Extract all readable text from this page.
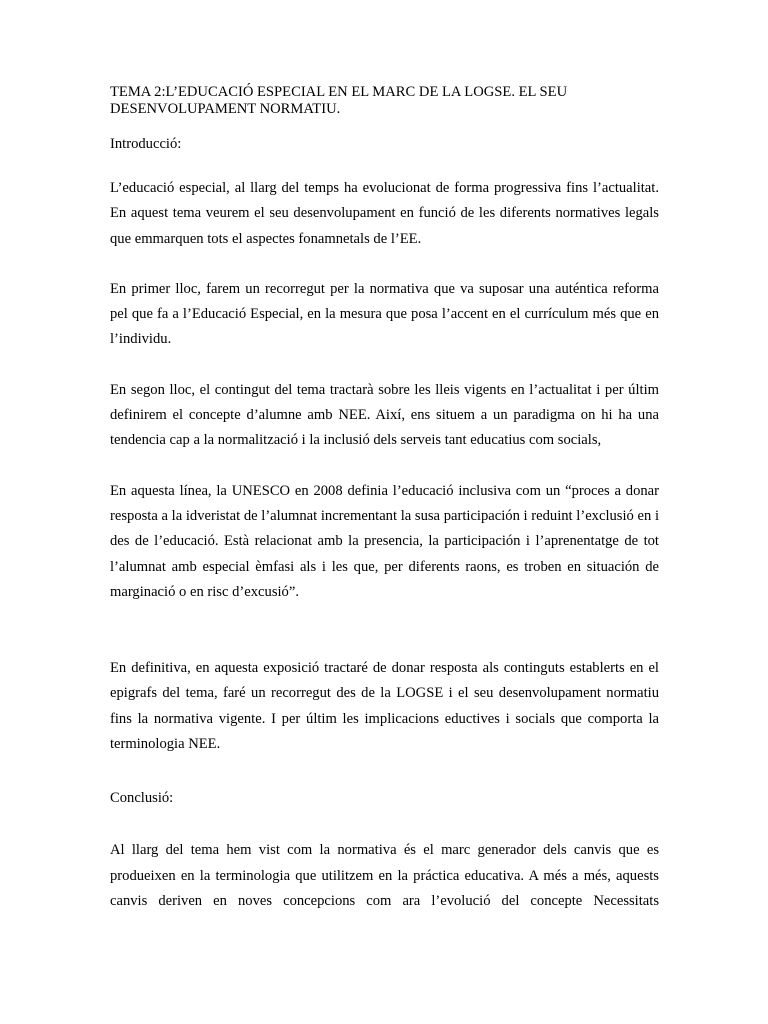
TEMA 2:L’EDUCACIÓ ESPECIAL EN EL MARC DE LA LOGSE. EL SEU DESENVOLUPAMENT NORMATIU.

Introducció:

L’educació especial, al llarg del temps ha evolucionat de forma progressiva fins l’actualitat. En aquest tema veurem el seu desenvolupament en funció de les diferents normatives legals que emmarquen tots el aspectes fonamnetals de l’EE.

En primer lloc, farem un recorregut per la normativa que va suposar una auténtica reforma pel que fa a l’Educació Especial, en la mesura que posa l’accent en el currículum més que en l’individu.

En segon lloc, el contingut del tema tractarà sobre les lleis vigents en l’actualitat i per últim definirem el concepte d’alumne amb NEE. Així, ens situem a un paradigma on hi ha una tendencia cap a la normalització i la inclusió dels serveis tant educatius com socials,

En aquesta línea, la UNESCO en 2008 definia l’educació inclusiva com un “proces a donar resposta a la idveristat de l’alumnat incrementant la susa participación i reduint l’exclusió en i des de l’educació. Està relacionat amb la presencia, la participación i l’aprenentatge de tot l’alumnat amb especial èmfasi als i les que, per diferents raons, es troben en situación de marginació o en risc d’excusió”.

En definitiva, en aquesta exposició tractaré de donar resposta als continguts establerts en el epigrafs del tema, faré un recorregut des de la LOGSE i el seu desenvolupament normatiu fins la normativa vigente. I per últim les implicacions eductives i socials que comporta la terminologia NEE.

Conclusió:

Al llarg del tema hem vist com la normativa és el marc generador dels canvis que es produeixen en la terminologia que utilitzem en la práctica educativa. A més a més, aquests canvis deriven en noves concepcions com ara l’evolució del concepte Necessitats
